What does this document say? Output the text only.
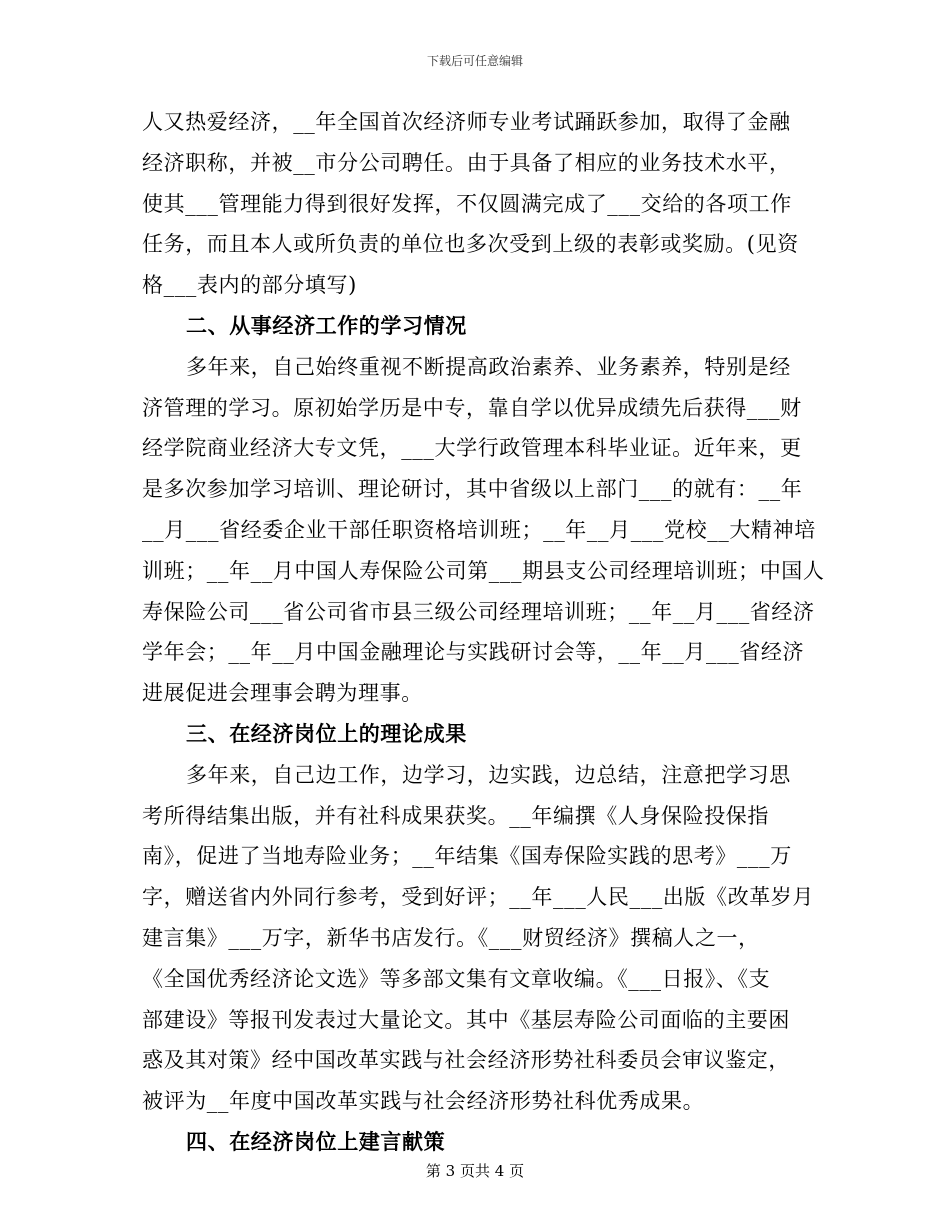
下载后可任意编辑
人又热爱经济，__年全国首次经济师专业考试踊跃参加，取得了金融
经济职称，并被__市分公司聘任。由于具备了相应的业务技术水平，
使其___管理能力得到很好发挥，不仅圆满完成了___交给的各项工作
任务，而且本人或所负责的单位也多次受到上级的表彰或奖励。(见资
格___表内的部分填写)
二、从事经济工作的学习情况
多年来，自己始终重视不断提高政治素养、业务素养，特别是经
济管理的学习。原初始学历是中专，靠自学以优异成绩先后获得___财
经学院商业经济大专文凭，___大学行政管理本科毕业证。近年来，更
是多次参加学习培训、理论研讨，其中省级以上部门___的就有：__年
__月___省经委企业干部任职资格培训班；__年__月___党校__大精神培
训班；__年__月中国人寿保险公司第___期县支公司经理培训班；中国人
寿保险公司___省公司省市县三级公司经理培训班；__年__月___省经济
学年会；__年__月中国金融理论与实践研讨会等，__年__月___省经济
进展促进会理事会聘为理事。
三、在经济岗位上的理论成果
多年来，自己边工作，边学习，边实践，边总结，注意把学习思
考所得结集出版，并有社科成果获奖。__年编撰《人身保险投保指
南》，促进了当地寿险业务；__年结集《国寿保险实践的思考》___万
字，赠送省内外同行参考，受到好评；__年___人民___出版《改革岁月
建言集》___万字，新华书店发行。《___财贸经济》撰稿人之一，
《全国优秀经济论文选》等多部文集有文章收编。《___日报》、《支
部建设》等报刊发表过大量论文。其中《基层寿险公司面临的主要困
惑及其对策》经中国改革实践与社会经济形势社科委员会审议鉴定，
被评为__年度中国改革实践与社会经济形势社科优秀成果。
四、在经济岗位上建言献策
第 3 页共 4 页
